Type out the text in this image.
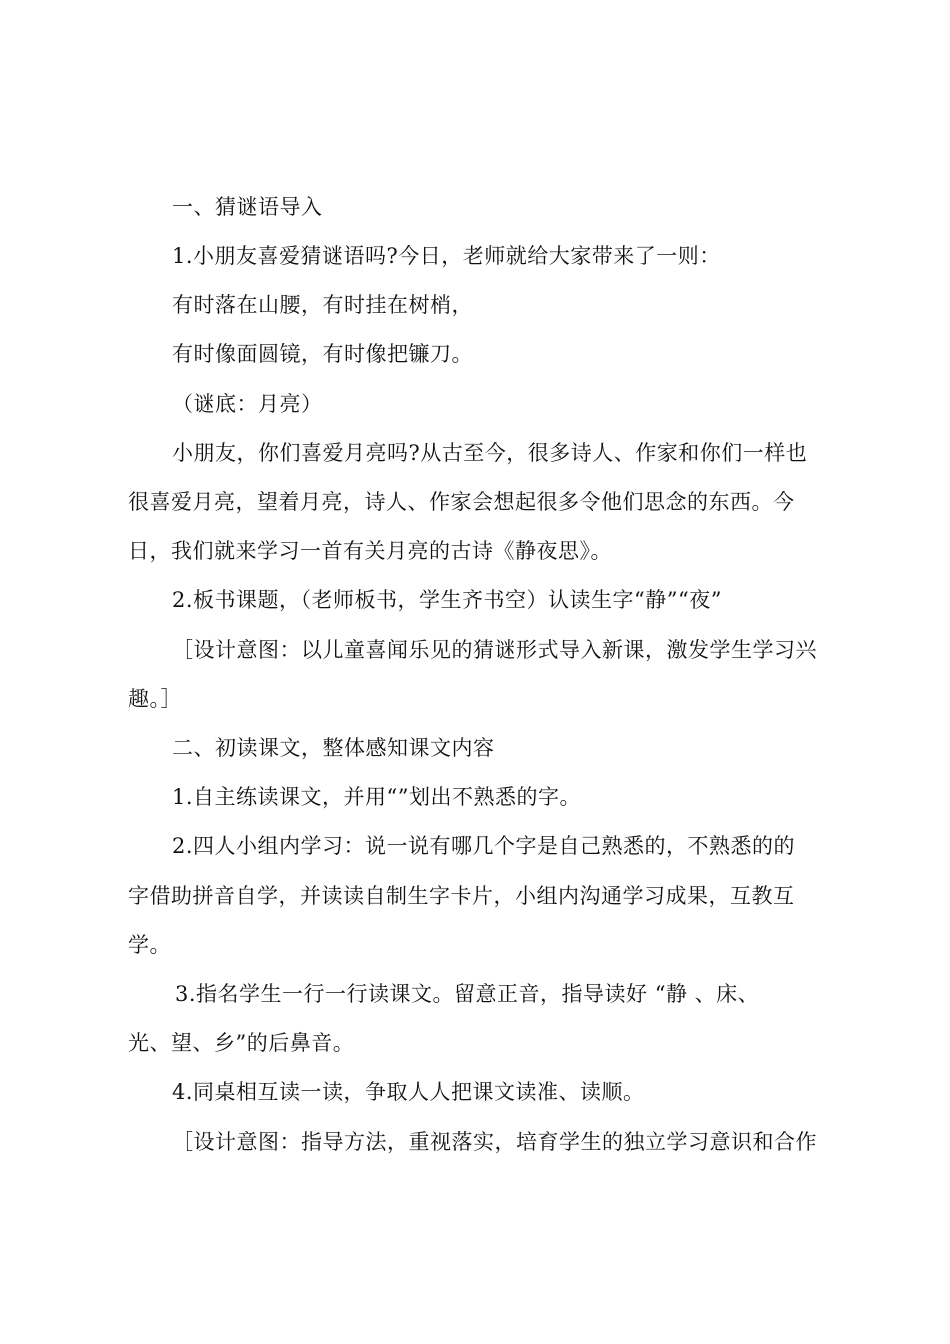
一、猜谜语导入
1.小朋友喜爱猜谜语吗?今日，老师就给大家带来了一则：
有时落在山腰，有时挂在树梢，
有时像面圆镜，有时像把镰刀。
（谜底：月亮）
小朋友，你们喜爱月亮吗?从古至今，很多诗人、作家和你们一样也
很喜爱月亮，望着月亮，诗人、作家会想起很多令他们思念的东西。今
日，我们就来学习一首有关月亮的古诗《静夜思》。
2.板书课题，（老师板书，学生齐书空）认读生字“静”“夜”
［设计意图：以儿童喜闻乐见的猜谜形式导入新课，激发学生学习兴
趣。］
二、初读课文，整体感知课文内容
1.自主练读课文，并用“”划出不熟悉的字。
2.四人小组内学习：说一说有哪几个字是自己熟悉的，不熟悉的的
字借助拼音自学，并读读自制生字卡片，小组内沟通学习成果，互教互
学。
3.指名学生一行一行读课文。留意正音，指导读好 “静 、床、
光、望、乡”的后鼻音。
4.同桌相互读一读，争取人人把课文读准、读顺。
［设计意图：指导方法，重视落实，培育学生的独立学习意识和合作
